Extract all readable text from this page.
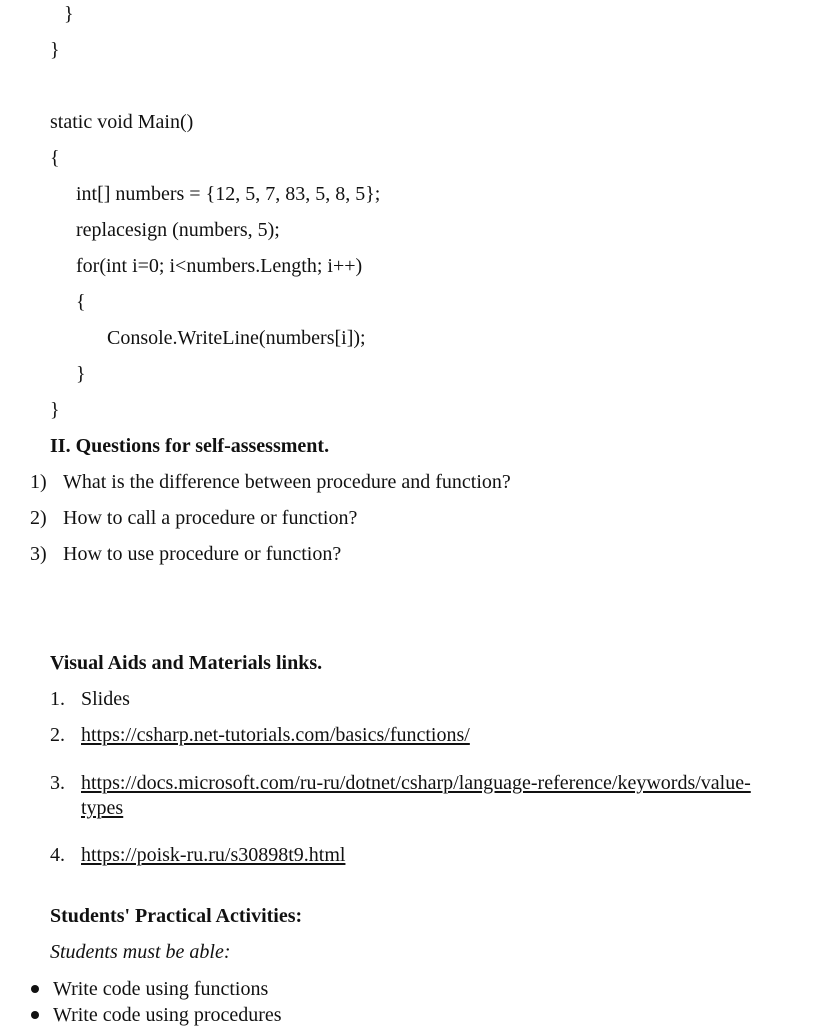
}
}
static void Main()
{
int[] numbers = {12, 5, 7, 83, 5, 8, 5};
replacesign (numbers, 5);
for(int i=0; i<numbers.Length; i++)
{
Console.WriteLine(numbers[i]);
}
}
II. Questions for self-assessment.
1) What is the difference between procedure and function?
2) How to call a procedure or function?
3) How to use procedure or function?
Visual Aids and Materials links.
1. Slides
2. https://csharp.net-tutorials.com/basics/functions/
3. https://docs.microsoft.com/ru-ru/dotnet/csharp/language-reference/keywords/value-
types
4. https://poisk-ru.ru/s30898t9.html
Students' Practical Activities:
Students must be able:
Write code using functions
Write code using procedures
